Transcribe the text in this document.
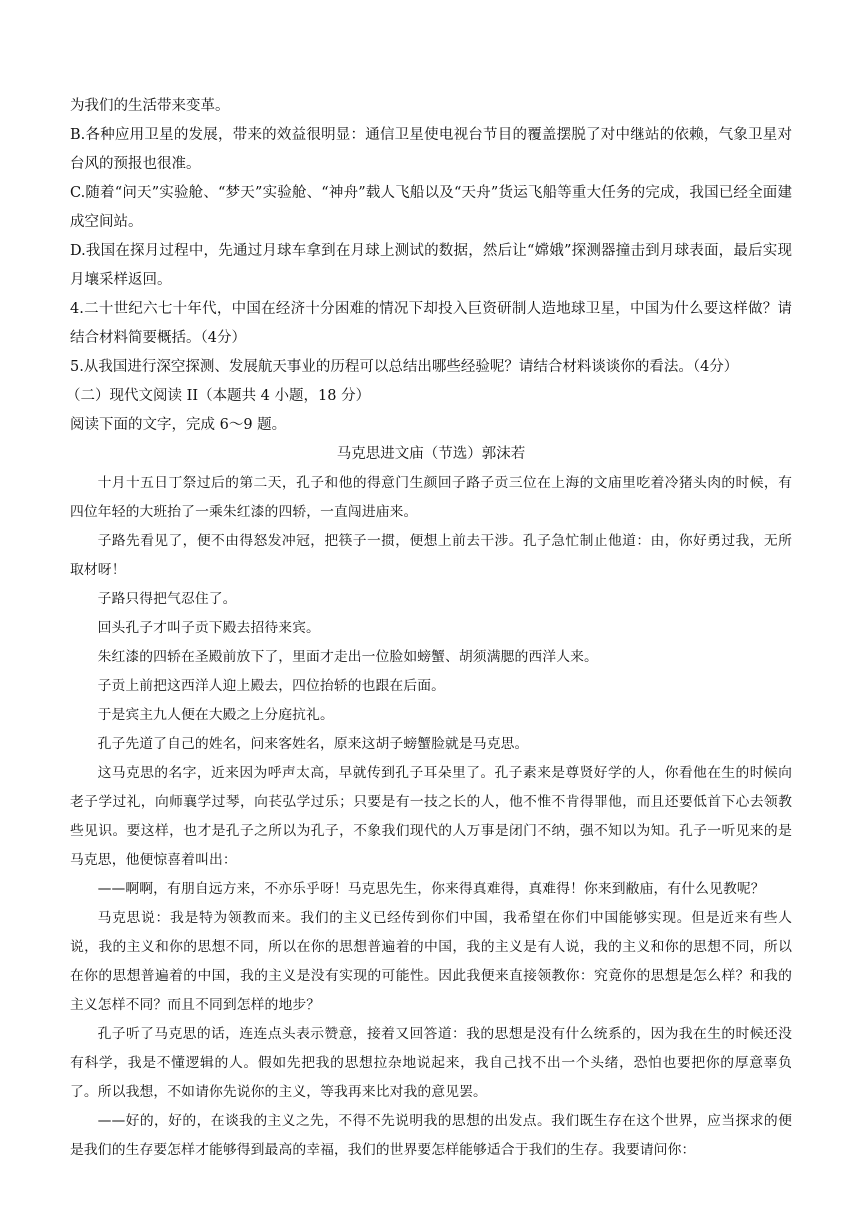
为我们的生活带来变革。
B.各种应用卫星的发展，带来的效益很明显：通信卫星使电视台节目的覆盖摆脱了对中继站的依赖，气象卫星对台风的预报也很准。
C.随着“问天”实验舱、“梦天”实验舱、“神舟”载人飞船以及“天舟”货运飞船等重大任务的完成，我国已经全面建成空间站。
D.我国在探月过程中，先通过月球车拿到在月球上测试的数据，然后让“嫦娥”探测器撞击到月球表面，最后实现月壤采样返回。
4.二十世纪六七十年代，中国在经济十分困难的情况下却投入巨资研制人造地球卫星，中国为什么要这样做？请结合材料简要概括。（4分）
5.从我国进行深空探测、发展航天事业的历程可以总结出哪些经验呢？请结合材料谈谈你的看法。（4分）
（二）现代文阅读 II（本题共 4 小题，18 分）
阅读下面的文字，完成 6～9 题。
马克思进文庙（节选）郭沫若
十月十五日丁祭过后的第二天，孔子和他的得意门生颜回子路子贡三位在上海的文庙里吃着冷猪头肉的时候，有四位年轻的大班抬了一乘朱红漆的四轿，一直闯进庙来。
子路先看见了，便不由得怒发冲冠，把筷子一掼，便想上前去干涉。孔子急忙制止他道：由，你好勇过我，无所取材呀！
子路只得把气忍住了。
回头孔子才叫子贡下殿去招待来宾。
朱红漆的四轿在圣殿前放下了，里面才走出一位脸如螃蟹、胡须满腮的西洋人来。
子贡上前把这西洋人迎上殿去，四位抬轿的也跟在后面。
于是宾主九人便在大殿之上分庭抗礼。
孔子先道了自己的姓名，问来客姓名，原来这胡子螃蟹脸就是马克思。
这马克思的名字，近来因为呼声太高，早就传到孔子耳朵里了。孔子素来是尊贤好学的人，你看他在生的时候向老子学过礼，向师襄学过琴，向苌弘学过乐；只要是有一技之长的人，他不惟不肯得罪他，而且还要低首下心去领教些见识。要这样，也才是孔子之所以为孔子，不象我们现代的人万事是闭门不纳，强不知以为知。孔子一听见来的是马克思，他便惊喜着叫出：
——啊啊，有朋自远方来，不亦乐乎呀！马克思先生，你来得真难得，真难得！你来到敝庙，有什么见教呢？
马克思说：我是特为领教而来。我们的主义已经传到你们中国，我希望在你们中国能够实现。但是近来有些人说，我的主义和你的思想不同，所以在你的思想普遍着的中国，我的主义是有人说，我的主义和你的思想不同，所以在你的思想普遍着的中国，我的主义是没有实现的可能性。因此我便来直接领教你：究竟你的思想是怎么样？和我的主义怎样不同？而且不同到怎样的地步？
孔子听了马克思的话，连连点头表示赞意，接着又回答道：我的思想是没有什么统系的，因为我在生的时候还没有科学，我是不懂逻辑的人。假如先把我的思想拉杂地说起来，我自己找不出一个头绪，恐怕也要把你的厚意辜负了。所以我想，不如请你先说你的主义，等我再来比对我的意见罢。
——好的，好的，在谈我的主义之先，不得不先说明我的思想的出发点。我们既生存在这个世界，应当探求的便是我们的生存要怎样才能够得到最高的幸福，我们的世界要怎样能够适合于我们的生存。我要请问你：
